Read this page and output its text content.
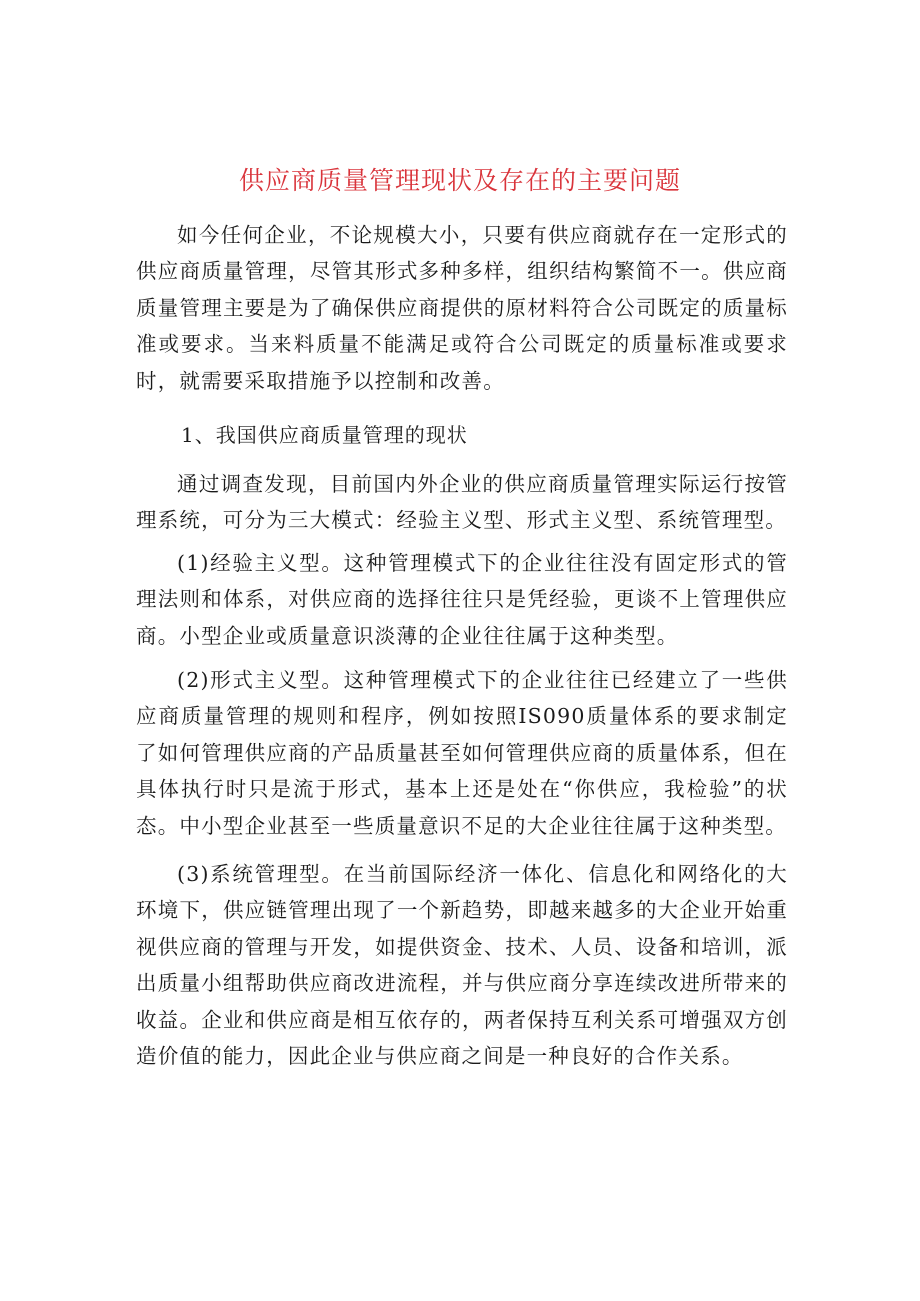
供应商质量管理现状及存在的主要问题

如今任何企业，不论规模大小，只要有供应商就存在一定形式的供应商质量管理，尽管其形式多种多样，组织结构繁简不一。供应商质量管理主要是为了确保供应商提供的原材料符合公司既定的质量标准或要求。当来料质量不能满足或符合公司既定的质量标准或要求时，就需要采取措施予以控制和改善。

1、我国供应商质量管理的现状

通过调查发现，目前国内外企业的供应商质量管理实际运行按管理系统，可分为三大模式：经验主义型、形式主义型、系统管理型。

(1)经验主义型。这种管理模式下的企业往往没有固定形式的管理法则和体系，对供应商的选择往往只是凭经验，更谈不上管理供应商。小型企业或质量意识淡薄的企业往往属于这种类型。

(2)形式主义型。这种管理模式下的企业往往已经建立了一些供应商质量管理的规则和程序，例如按照IS090质量体系的要求制定了如何管理供应商的产品质量甚至如何管理供应商的质量体系，但在具体执行时只是流于形式，基本上还是处在“你供应，我检验”的状态。中小型企业甚至一些质量意识不足的大企业往往属于这种类型。

(3)系统管理型。在当前国际经济一体化、信息化和网络化的大环境下，供应链管理出现了一个新趋势，即越来越多的大企业开始重视供应商的管理与开发，如提供资金、技术、人员、设备和培训，派出质量小组帮助供应商改进流程，并与供应商分享连续改进所带来的收益。企业和供应商是相互依存的，两者保持互利关系可增强双方创造价值的能力，因此企业与供应商之间是一种良好的合作关系。
